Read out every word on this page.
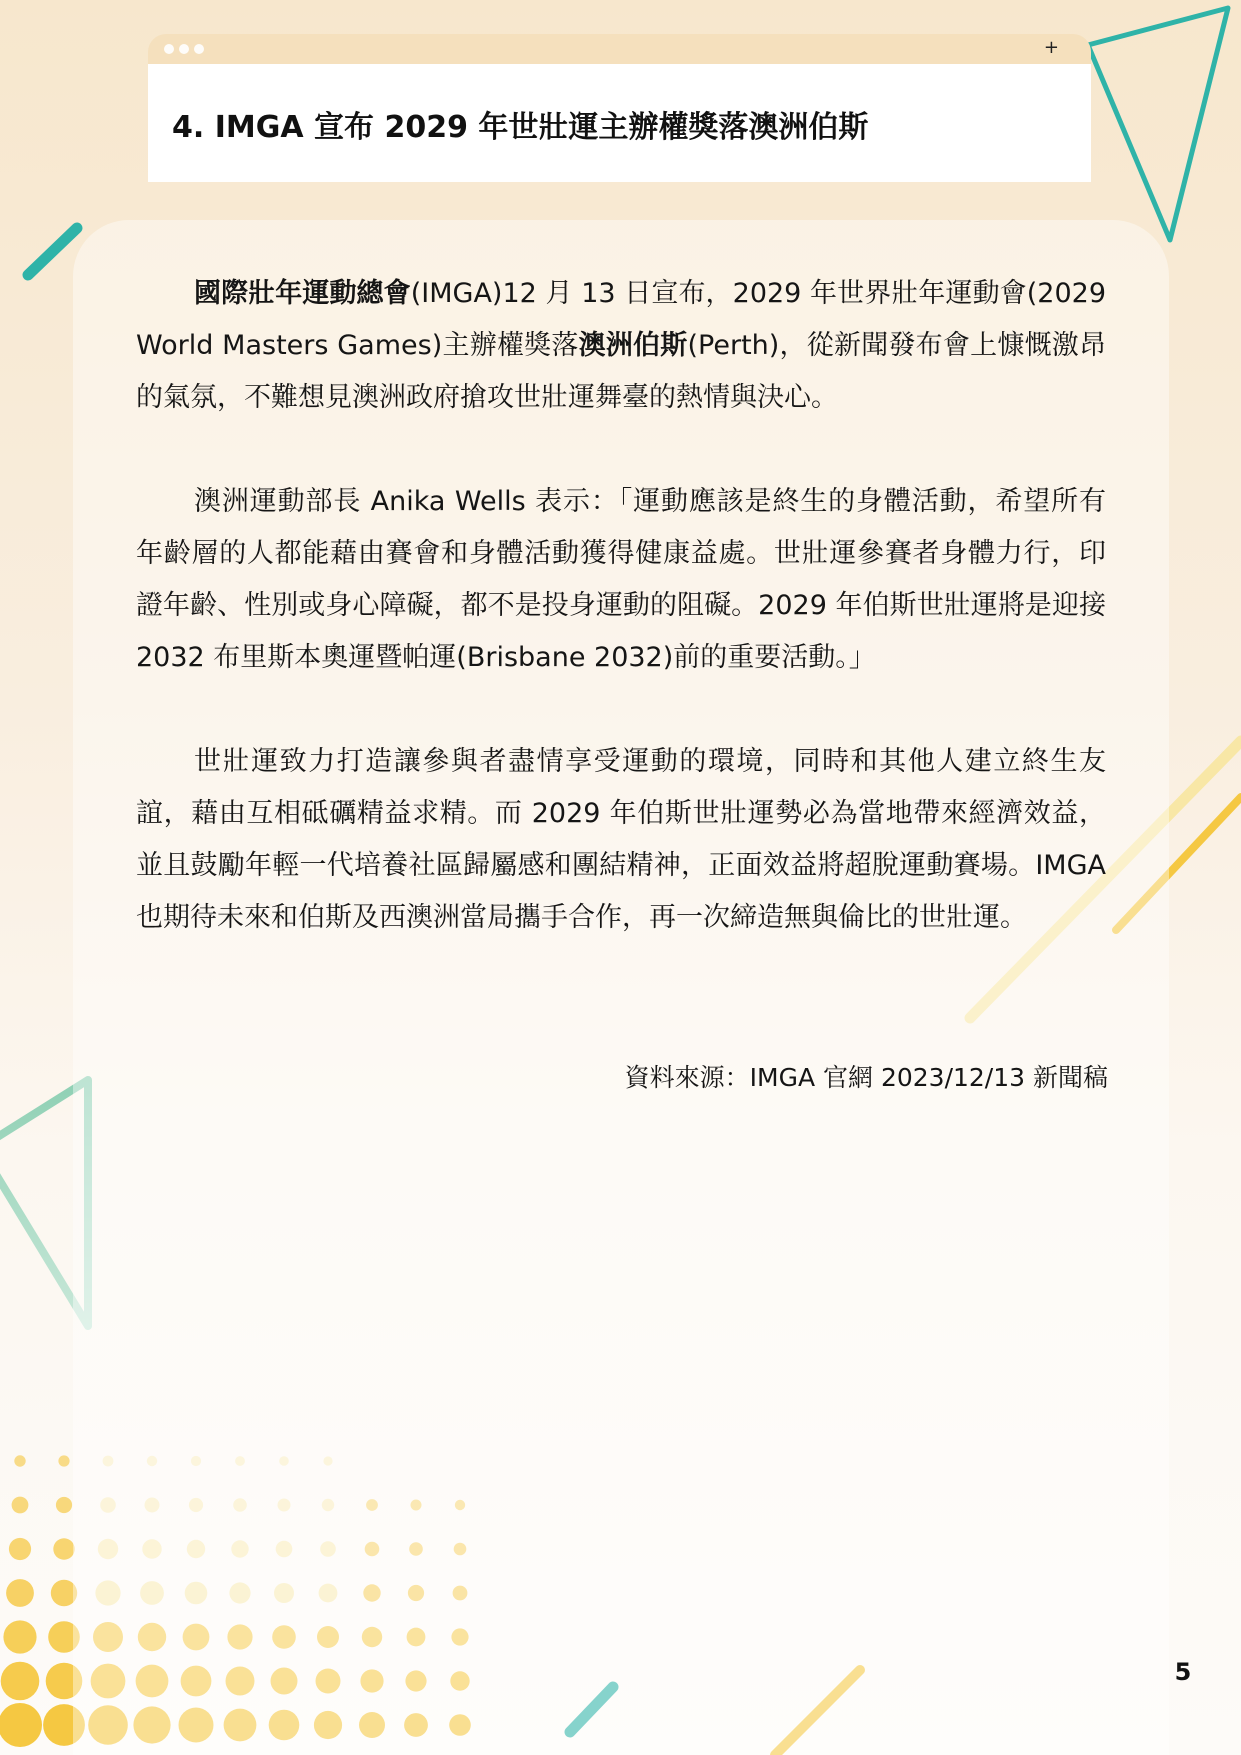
+
4. IMGA 宣布 2029 年世壯運主辦權獎落澳洲伯斯

國際壯年運動總會(IMGA)12 月 13 日宣布，2029 年世界壯年運動會(2029 World Masters Games)主辦權獎落澳洲伯斯(Perth)，從新聞發布會上慷慨激昂的氣氛，不難想見澳洲政府搶攻世壯運舞臺的熱情與決心。

澳洲運動部長 Anika Wells 表示：「運動應該是終生的身體活動，希望所有年齡層的人都能藉由賽會和身體活動獲得健康益處。世壯運參賽者身體力行，印證年齡、性別或身心障礙，都不是投身運動的阻礙。2029 年伯斯世壯運將是迎接 2032 布里斯本奧運暨帕運(Brisbane 2032)前的重要活動。」

世壯運致力打造讓參與者盡情享受運動的環境，同時和其他人建立終生友誼，藉由互相砥礪精益求精。而 2029 年伯斯世壯運勢必為當地帶來經濟效益，並且鼓勵年輕一代培養社區歸屬感和團結精神，正面效益將超脫運動賽場。IMGA 也期待未來和伯斯及西澳洲當局攜手合作，再一次締造無與倫比的世壯運。

資料來源：IMGA 官網 2023/12/13 新聞稿

5
